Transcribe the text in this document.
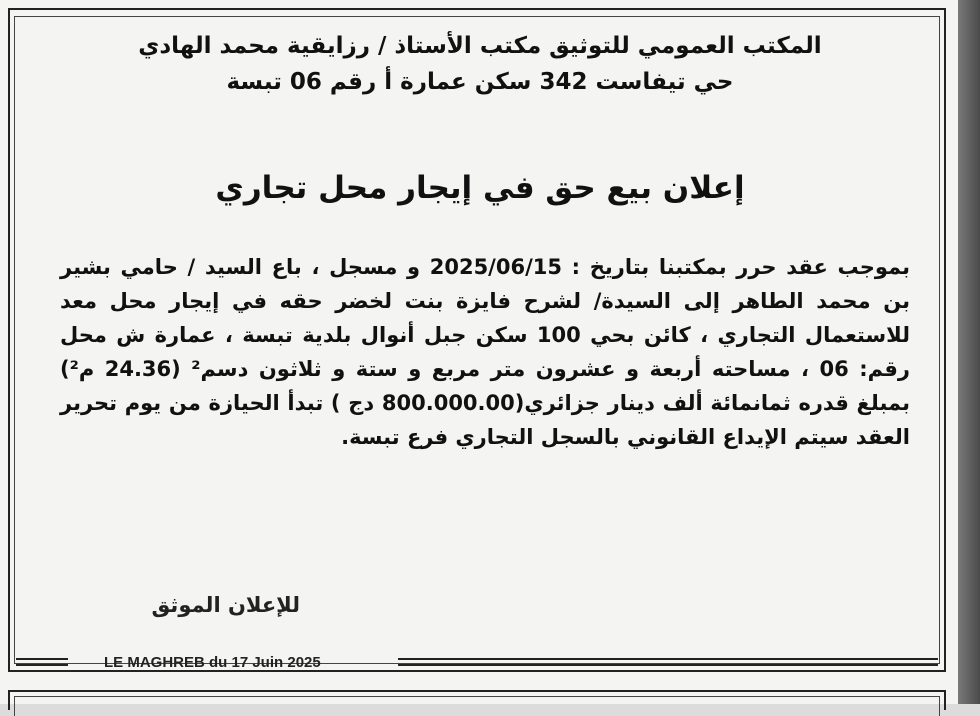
المكتب العمومي للتوثيق مكتب الأستاذ / رزايقية محمد الهادي
حي تيفاست 342 سكن عمارة أ رقم 06 تبسة
إعلان بيع حق في إيجار محل تجاري
بموجب عقد حرر بمكتبنا بتاريخ : 2025/06/15 و مسجل ، باع السيد / حامي بشير بن محمد الطاهر إلى السيدة/ لشرح فايزة بنت لخضر حقه في إيجار محل معد للاستعمال التجاري ، كائن بحي 100 سكن جبل أنوال بلدية تبسة ، عمارة ش محل رقم: 06 ، مساحته أربعة و عشرون متر مربع و ستة و ثلاثون دسم² (24.36 م²) بمبلغ قدره ثمانمائة ألف دينار جزائري(800.000.00 دج ) تبدأ الحيازة من يوم تحرير العقد سيتم الإيداع القانوني بالسجل التجاري فرع تبسة.
للإعلان الموثق
LE MAGHREB du 17 Juin 2025
